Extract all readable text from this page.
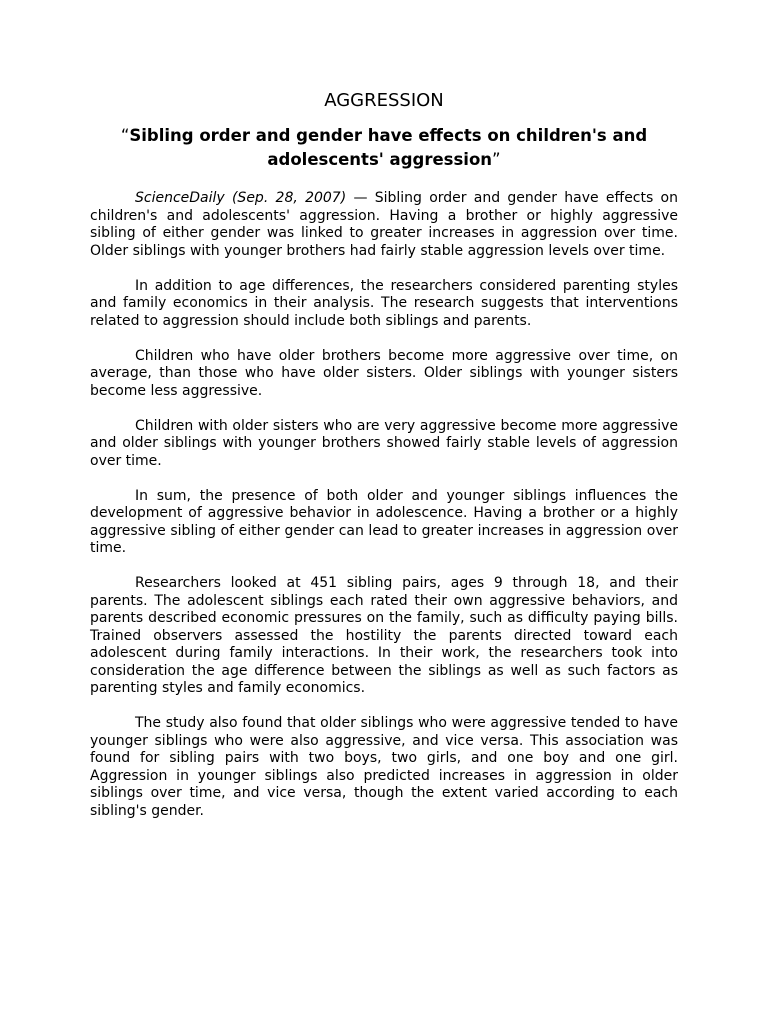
AGGRESSION
“Sibling order and gender have effects on children's and adolescents' aggression”

ScienceDaily (Sep. 28, 2007) — Sibling order and gender have effects on children's and adolescents' aggression. Having a brother or highly aggressive sibling of either gender was linked to greater increases in aggression over time. Older siblings with younger brothers had fairly stable aggression levels over time.

In addition to age differences, the researchers considered parenting styles and family economics in their analysis. The research suggests that interventions related to aggression should include both siblings and parents.

Children who have older brothers become more aggressive over time, on average, than those who have older sisters. Older siblings with younger sisters become less aggressive.

Children with older sisters who are very aggressive become more aggressive and older siblings with younger brothers showed fairly stable levels of aggression over time.

In sum, the presence of both older and younger siblings influences the development of aggressive behavior in adolescence. Having a brother or a highly aggressive sibling of either gender can lead to greater increases in aggression over time.

Researchers looked at 451 sibling pairs, ages 9 through 18, and their parents. The adolescent siblings each rated their own aggressive behaviors, and parents described economic pressures on the family, such as difficulty paying bills. Trained observers assessed the hostility the parents directed toward each adolescent during family interactions. In their work, the researchers took into consideration the age difference between the siblings as well as such factors as parenting styles and family economics.

The study also found that older siblings who were aggressive tended to have younger siblings who were also aggressive, and vice versa. This association was found for sibling pairs with two boys, two girls, and one boy and one girl. Aggression in younger siblings also predicted increases in aggression in older siblings over time, and vice versa, though the extent varied according to each sibling's gender.
